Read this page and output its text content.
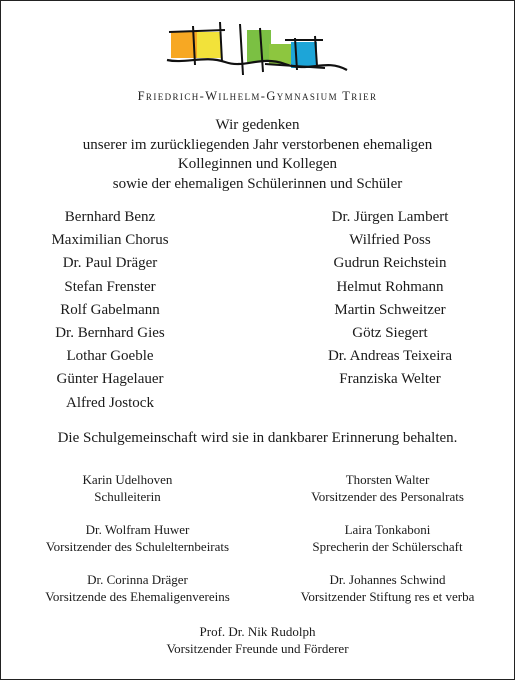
Friedrich-Wilhelm-Gymnasium Trier
Wir gedenken
unserer im zurückliegenden Jahr verstorbenen ehemaligen
Kolleginnen und Kollegen
sowie der ehemaligen Schülerinnen und Schüler
Bernhard Benz
Maximilian Chorus
Dr. Paul Dräger
Stefan Frenster
Rolf Gabelmann
Dr. Bernhard Gies
Lothar Goeble
Günter Hagelauer
Alfred Jostock
Dr. Jürgen Lambert
Wilfried Poss
Gudrun Reichstein
Helmut Rohmann
Martin Schweitzer
Götz Siegert
Dr. Andreas Teixeira
Franziska Welter
Die Schulgemeinschaft wird sie in dankbarer Erinnerung behalten.
Karin Udelhoven
Schulleiterin
Thorsten Walter
Vorsitzender des Personalrats
Dr. Wolfram Huwer
Vorsitzender des Schulelternbeirats
Laira Tonkaboni
Sprecherin der Schülerschaft
Dr. Corinna Dräger
Vorsitzende des Ehemaligenvereins
Dr. Johannes Schwind
Vorsitzender Stiftung res et verba
Prof. Dr. Nik Rudolph
Vorsitzender Freunde und Förderer
